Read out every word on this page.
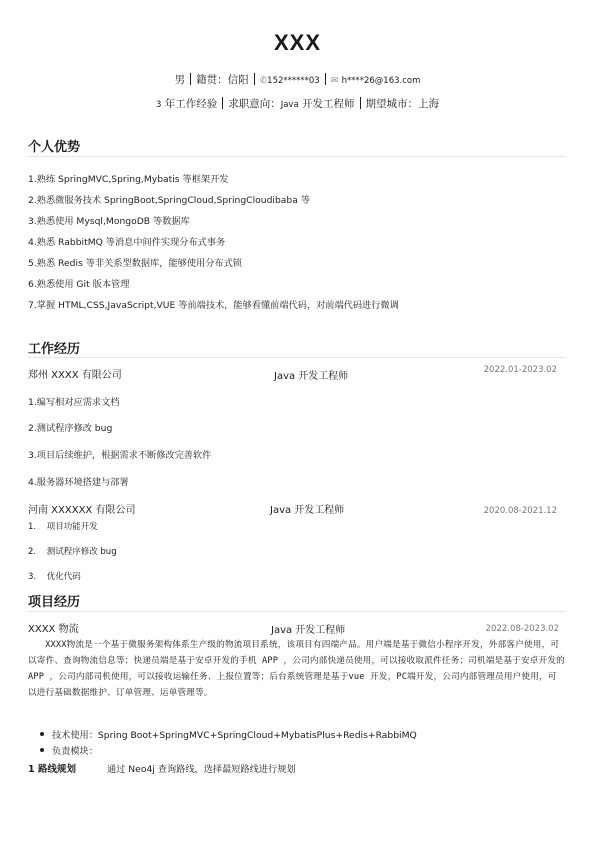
XXX
男 籍贯：信阳 ✆152******03 ✉ h****26@163.com
3 年工作经验 求职意向：Java 开发工程师 期望城市：上海
个人优势
1.熟练 SpringMVC,Spring,Mybatis 等框架开发
2.熟悉微服务技术 SpringBoot,SpringCloud,SpringCloudibaba 等
3.熟悉使用 Mysql,MongoDB 等数据库
4.熟悉 RabbitMQ 等消息中间件实现分布式事务
5.熟悉 Redis 等非关系型数据库，能够使用分布式锁
6.熟悉使用 Git 版本管理
7.掌握 HTML,CSS,JavaScript,VUE 等前端技术，能够看懂前端代码，对前端代码进行微调
工作经历
郑州 XXXX 有限公司	Java 开发工程师
2022.01-2023.02
1.编写相对应需求文档
2.测试程序修改 bug
3.项目后续维护，根据需求不断修改完善软件
4.服务器环境搭建与部署
河南 XXXXXX 有限公司	Java 开发工程师	2020.08-2021.12
1. 项目功能开发
2. 测试程序修改 bug
3. 优化代码
项目经历
XXXX 物流	Java 开发工程师	2022.08-2023.02
XXXX物流是一个基于微服务架构体系生产级的物流项目系统，该项目有四端产品。用户端是基于微信小程序开发，外部客户使用，可以寄件、查询物流信息等；快递员端是基于安卓开发的手机 APP ，公司内部快递员使用，可以接收取派件任务；司机端是基于安卓开发的 APP ，公司内部司机使用，可以接收运输任务、上报位置等；后台系统管理是基于vue 开发，PC端开发，公司内部管理员用户使用，可以进行基础数据维护、订单管理、运单管理等。
技术使用：Spring Boot+SpringMVC+SpringCloud+MybatisPlus+Redis+RabbiMQ
负责模块：
1 路线规划	通过 Neo4j 查询路线，选择最短路线进行规划
